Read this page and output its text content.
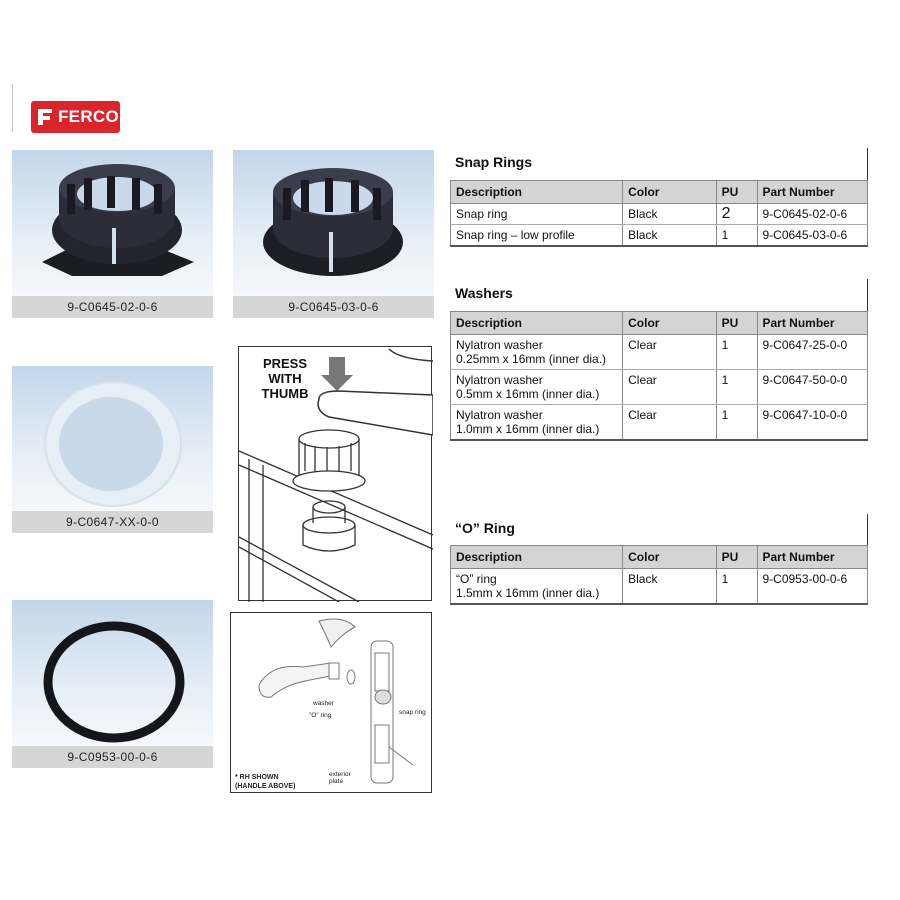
FERCO
9-C0645-02-0-6	9-C0645-03-0-6
9-C0647-XX-0-0
9-C0953-00-0-6
PRESS
WITH
THUMB
washer
"O" ring	snap ring
exterior plate
* RH SHOWN
(HANDLE ABOVE)
Snap Rings
Description	Color	PU	Part Number
Snap ring	Black	2	9-C0645-02-0-6
Snap ring – low profile	Black	1	9-C0645-03-0-6
Washers
Description	Color	PU	Part Number

Nylatron washer
0.25mm x 16mm (inner dia.)	Clear	1	9-C0647-25-0-0

Nylatron washer
0.5mm x 16mm (inner dia.)	Clear	1	9-C0647-50-0-0

Nylatron washer
1.0mm x 16mm (inner dia.)	Clear	1	9-C0647-10-0-0
“O” Ring
Description	Color	PU	Part Number

“O” ring
1.5mm x 16mm (inner dia.)	Black	1	9-C0953-00-0-6
